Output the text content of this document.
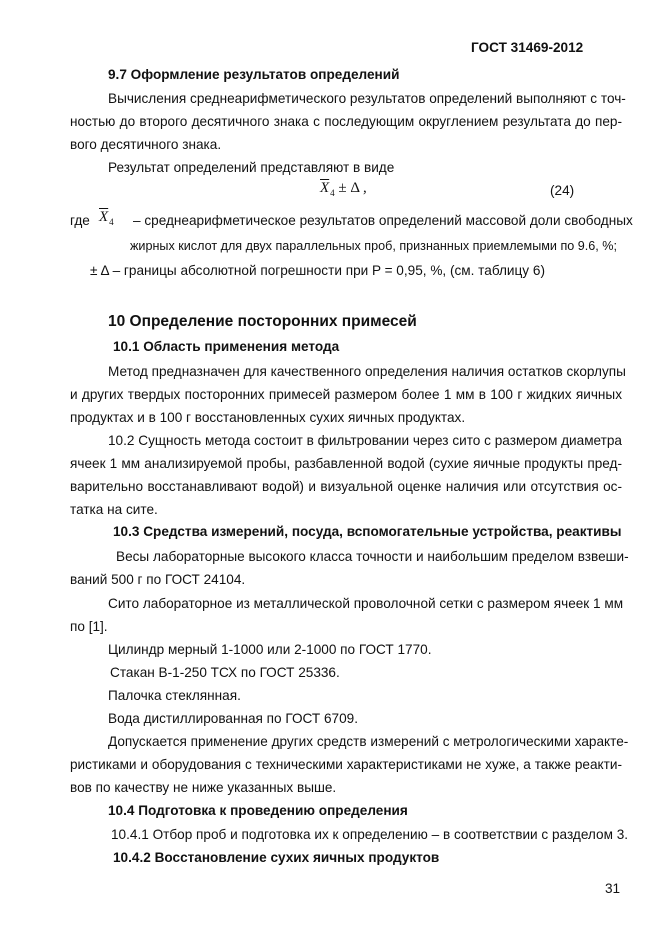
ГОСТ 31469-2012
9.7 Оформление результатов определений
Вычисления среднеарифметического результатов определений выполняют с точ-
ностью до второго десятичного знака с последующим округлением результата до пер-
вого десятичного знака.
Результат определений представляют в виде
$\overline{X}_4 \pm \Delta$ ,	(24)
где $\overline{X}_4$ – среднеарифметическое результатов определений массовой доли свободных
жирных кислот для двух параллельных проб, признанных приемлемыми по 9.6, %;
± Δ – границы абсолютной погрешности при P = 0,95, %, (см. таблицу 6)
10 Определение посторонних примесей
10.1 Область применения метода
Метод предназначен для качественного определения наличия остатков скорлупы
и других твердых посторонних примесей размером более 1 мм в 100 г жидких яичных
продуктах и в 100 г восстановленных сухих яичных продуктах.
10.2 Сущность метода состоит в фильтровании через сито с размером диаметра
ячеек 1 мм анализируемой пробы, разбавленной водой (сухие яичные продукты пред-
варительно восстанавливают водой) и визуальной оценке наличия или отсутствия ос-
татка на сите.
10.3 Средства измерений, посуда, вспомогательные устройства, реактивы
Весы лабораторные высокого класса точности и наибольшим пределом взвеши-
ваний 500 г по ГОСТ 24104.
Сито лабораторное из металлической проволочной сетки с размером ячеек 1 мм
по [1].
Цилиндр мерный 1-1000 или 2-1000 по ГОСТ 1770.
Стакан В-1-250 ТСХ по ГОСТ 25336.
Палочка стеклянная.
Вода дистиллированная по ГОСТ 6709.
Допускается применение других средств измерений с метрологическими характе-
ристиками и оборудования с техническими характеристиками не хуже, а также реакти-
вов по качеству не ниже указанных выше.
10.4 Подготовка к проведению определения
10.4.1 Отбор проб и подготовка их к определению – в соответствии с разделом 3.
10.4.2 Восстановление сухих яичных продуктов
31
